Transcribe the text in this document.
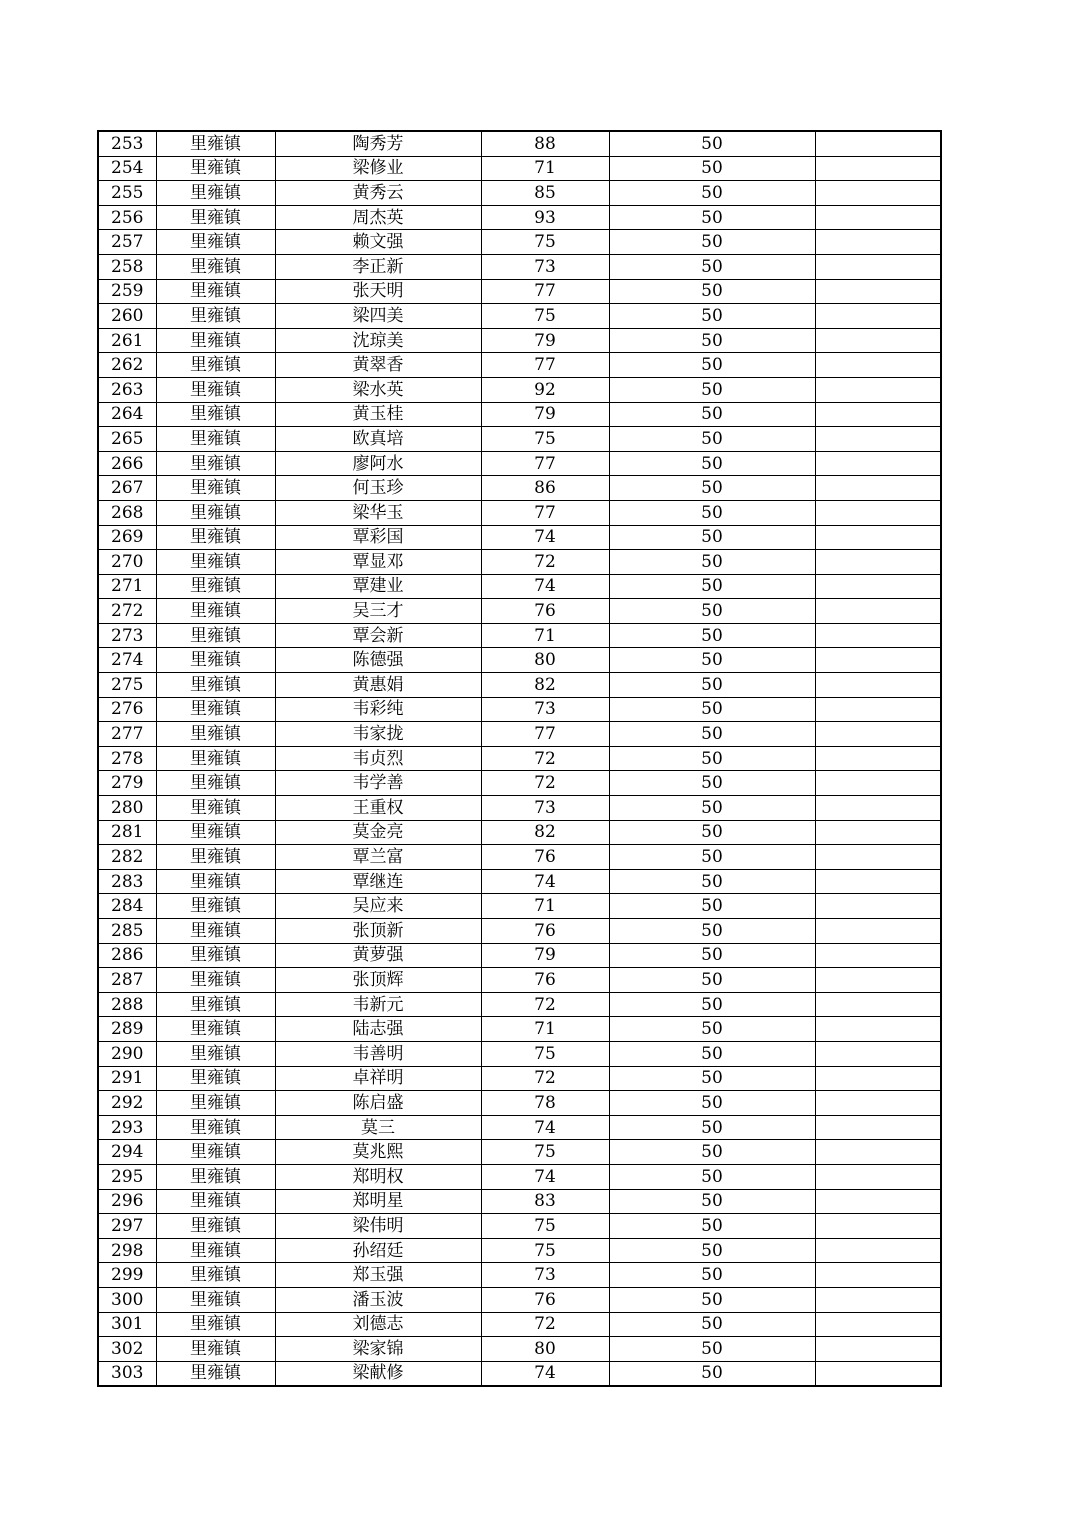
253	里雍镇	陶秀芳	88	50	
254	里雍镇	梁修业	71	50	
255	里雍镇	黄秀云	85	50	
256	里雍镇	周杰英	93	50	
257	里雍镇	赖文强	75	50	
258	里雍镇	李正新	73	50	
259	里雍镇	张天明	77	50	
260	里雍镇	梁四美	75	50	
261	里雍镇	沈琼美	79	50	
262	里雍镇	黄翠香	77	50	
263	里雍镇	梁水英	92	50	
264	里雍镇	黄玉桂	79	50	
265	里雍镇	欧真培	75	50	
266	里雍镇	廖阿水	77	50	
267	里雍镇	何玉珍	86	50	
268	里雍镇	梁华玉	77	50	
269	里雍镇	覃彩国	74	50	
270	里雍镇	覃显邓	72	50	
271	里雍镇	覃建业	74	50	
272	里雍镇	吴三才	76	50	
273	里雍镇	覃会新	71	50	
274	里雍镇	陈德强	80	50	
275	里雍镇	黄惠娟	82	50	
276	里雍镇	韦彩纯	73	50	
277	里雍镇	韦家拢	77	50	
278	里雍镇	韦贞烈	72	50	
279	里雍镇	韦学善	72	50	
280	里雍镇	王重权	73	50	
281	里雍镇	莫金亮	82	50	
282	里雍镇	覃兰富	76	50	
283	里雍镇	覃继连	74	50	
284	里雍镇	吴应来	71	50	
285	里雍镇	张顶新	76	50	
286	里雍镇	黄萝强	79	50	
287	里雍镇	张顶辉	76	50	
288	里雍镇	韦新元	72	50	
289	里雍镇	陆志强	71	50	
290	里雍镇	韦善明	75	50	
291	里雍镇	卓祥明	72	50	
292	里雍镇	陈启盛	78	50	
293	里雍镇	莫三	74	50	
294	里雍镇	莫兆熙	75	50	
295	里雍镇	郑明权	74	50	
296	里雍镇	郑明星	83	50	
297	里雍镇	梁伟明	75	50	
298	里雍镇	孙绍廷	75	50	
299	里雍镇	郑玉强	73	50	
300	里雍镇	潘玉波	76	50	
301	里雍镇	刘德志	72	50	
302	里雍镇	梁家锦	80	50	
303	里雍镇	梁献修	74	50	
